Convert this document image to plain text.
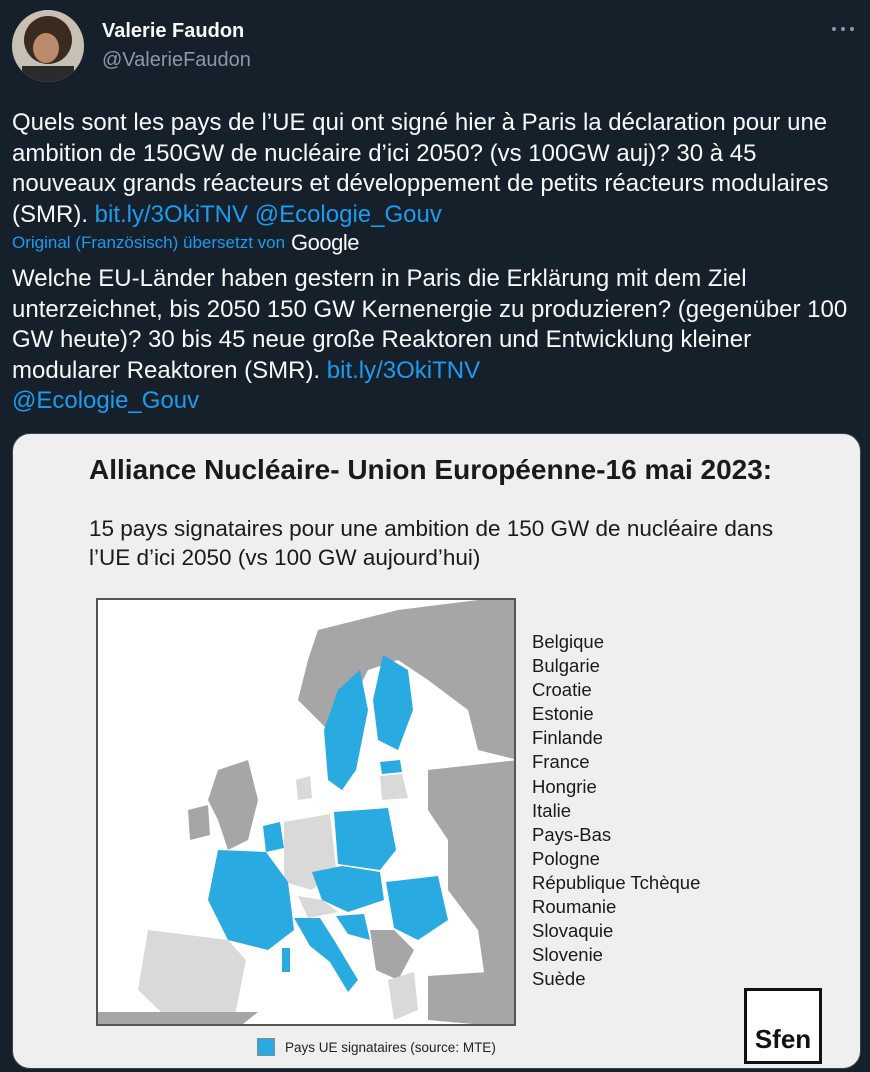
Valerie Faudon
@ValerieFaudon
Quels sont les pays de l’UE qui ont signé hier à Paris la déclaration pour une ambition de 150GW de nucléaire d’ici 2050? (vs 100GW auj)? 30 à 45 nouveaux grands réacteurs et développement de petits réacteurs modulaires (SMR). bit.ly/3OkiTNV @Ecologie_Gouv
Original (Französisch) übersetzt von Google
Welche EU-Länder haben gestern in Paris die Erklärung mit dem Ziel unterzeichnet, bis 2050 150 GW Kernenergie zu produzieren? (gegenüber 100 GW heute)? 30 bis 45 neue große Reaktoren und Entwicklung kleiner modularer Reaktoren (SMR). bit.ly/3OkiTNV
@Ecologie_Gouv
Alliance Nucléaire- Union Européenne-16 mai 2023:
15 pays signataires pour une ambition de 150 GW de nucléaire dans l’UE d’ici 2050 (vs 100 GW aujourd’hui)
Belgique
Bulgarie
Croatie
Estonie
Finlande
France
Hongrie
Italie
Pays-Bas
Pologne
République Tchèque
Roumanie
Slovaquie
Slovenie
Suède
Pays UE signataires (source: MTE)	Sfen
